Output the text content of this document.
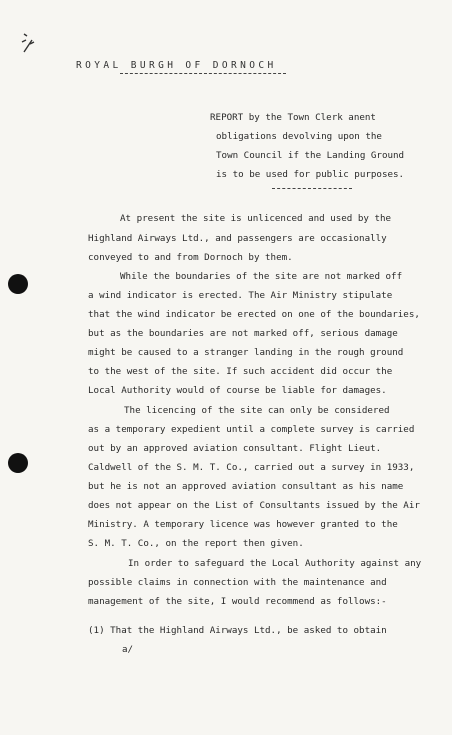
ROYAL BURGH OF DORNOCH
REPORT by the Town Clerk anent
obligations devolving upon the
Town Council if the Landing Ground
is to be used for public purposes.
At present the site is unlicenced and used by the
Highland Airways Ltd., and passengers are occasionally
conveyed to and from Dornoch by them.
While the boundaries of the site are not marked off
a wind indicator is erected. The Air Ministry stipulate
that the wind indicator be erected on one of the boundaries,
but as the boundaries are not marked off, serious damage
might be caused to a stranger landing in the rough ground
to the west of the site. If such accident did occur the
Local Authority would of course be liable for damages.
The licencing of the site can only be considered
as a temporary expedient until a complete survey is carried
out by an approved aviation consultant. Flight Lieut.
Caldwell of the S. M. T. Co., carried out a survey in 1933,
but he is not an approved aviation consultant as his name
does not appear on the List of Consultants issued by the Air
Ministry. A temporary licence was however granted to the
S. M. T. Co., on the report then given.
In order to safeguard the Local Authority against any
possible claims in connection with the maintenance and
management of the site, I would recommend as follows:-
(1) That the Highland Airways Ltd., be asked to obtain
a/
